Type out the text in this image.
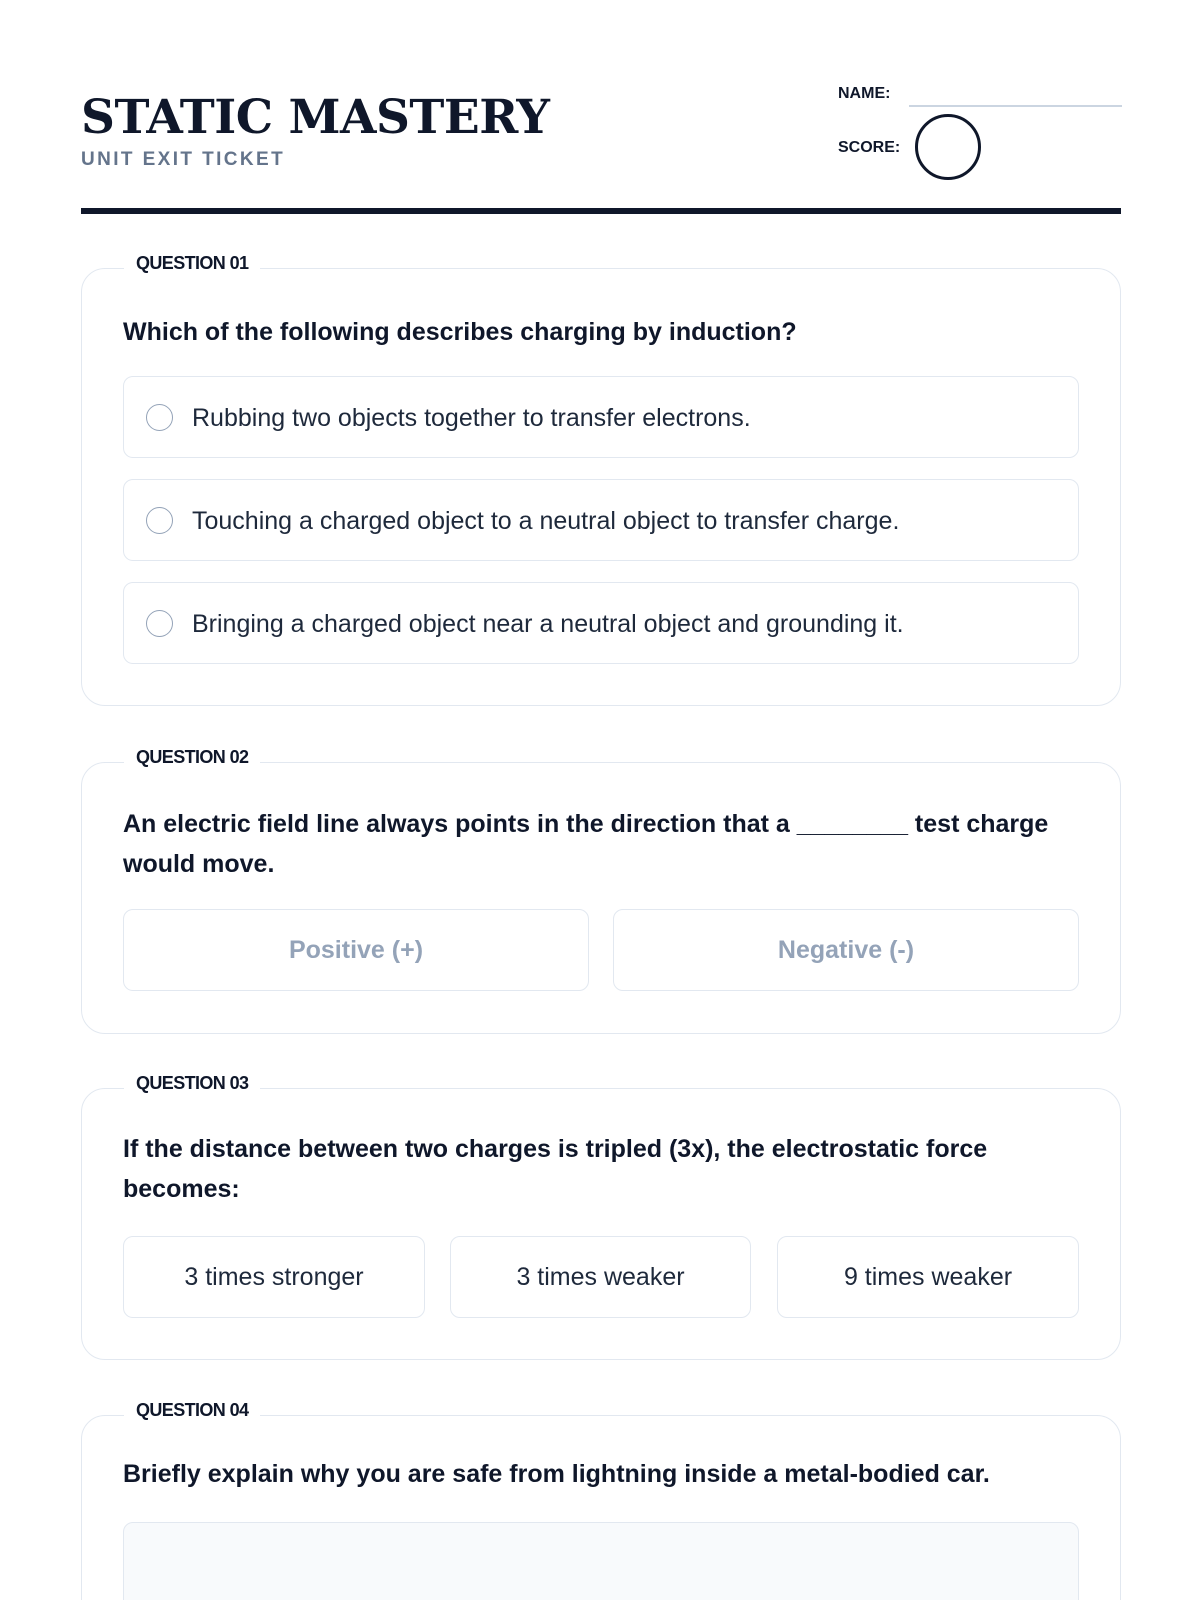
STATIC MASTERY
UNIT EXIT TICKET
NAME:
SCORE:
QUESTION 01
Which of the following describes charging by induction?
Rubbing two objects together to transfer electrons.
Touching a charged object to a neutral object to transfer charge.
Bringing a charged object near a neutral object and grounding it.
QUESTION 02
An electric field line always points in the direction that a ________ test charge would move.
Positive (+)	Negative (-)
QUESTION 03
If the distance between two charges is tripled (3x), the electrostatic force becomes:
3 times stronger	3 times weaker	9 times weaker
QUESTION 04
Briefly explain why you are safe from lightning inside a metal-bodied car.
